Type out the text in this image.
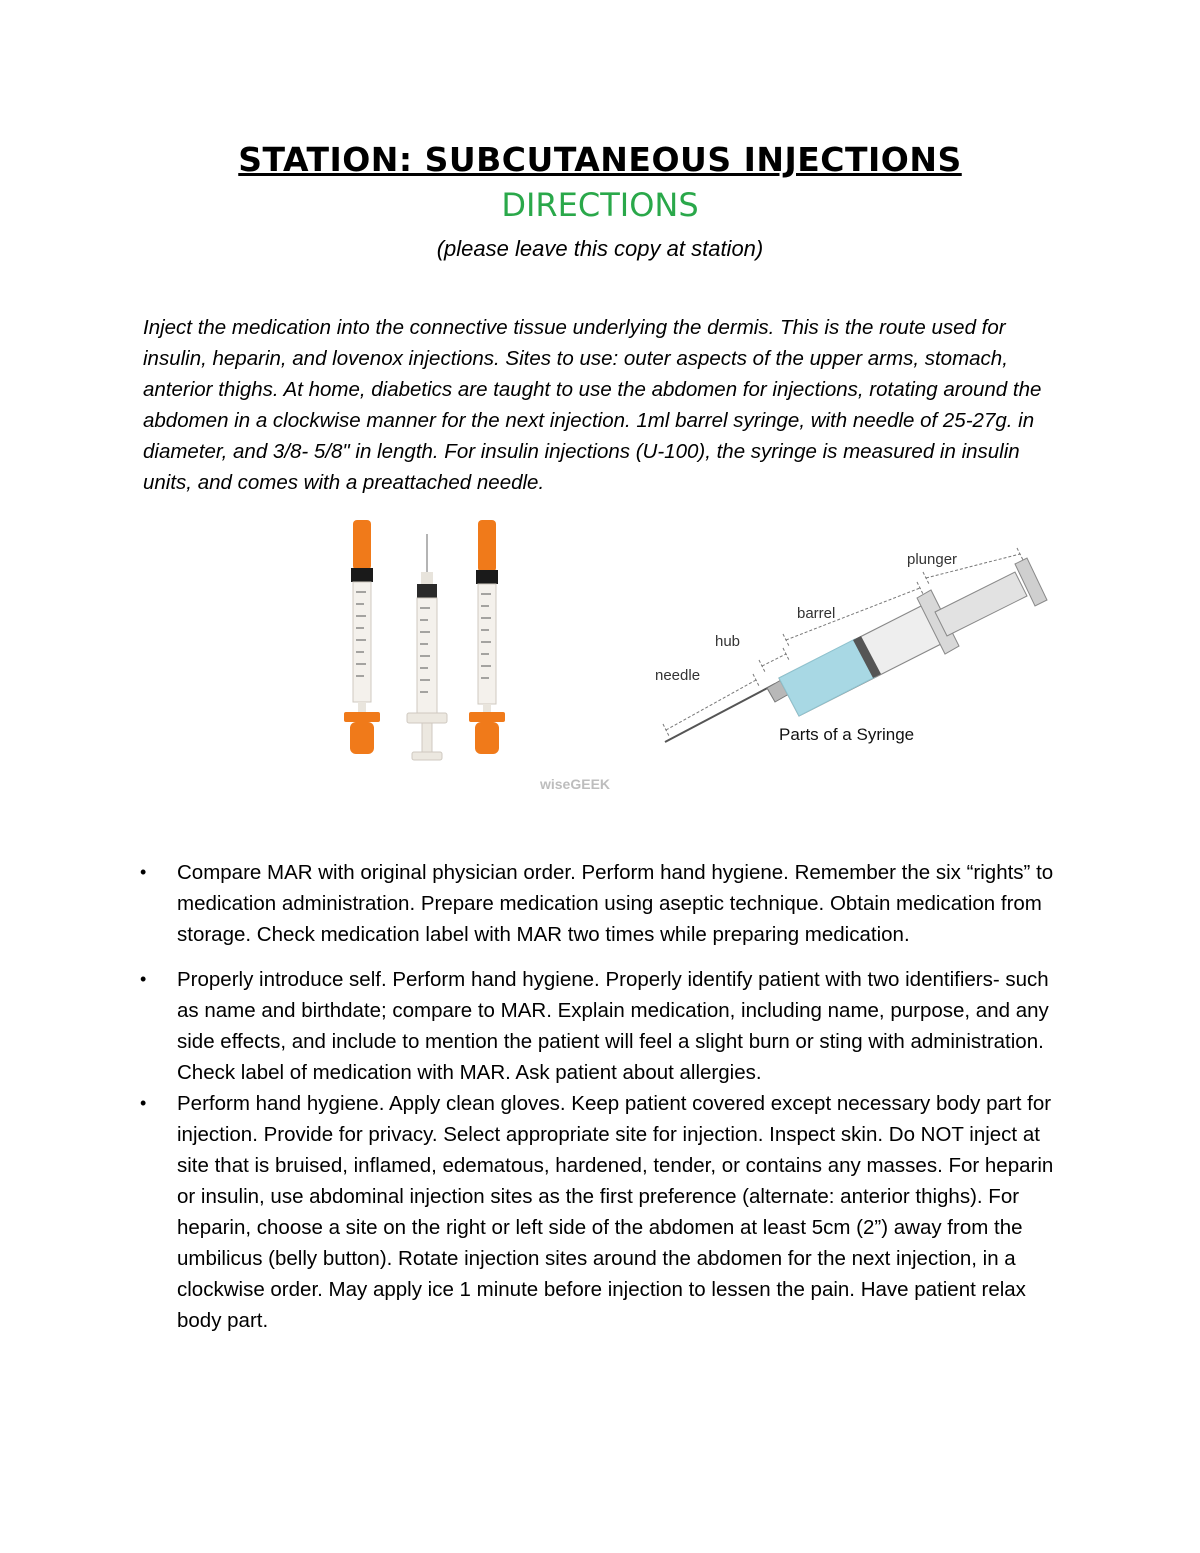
STATION: SUBCUTANEOUS INJECTIONS
DIRECTIONS
(please leave this copy at station)

Inject the medication into the connective tissue underlying the dermis. This is the route used for insulin, heparin, and lovenox injections. Sites to use: outer aspects of the upper arms, stomach, anterior thighs. At home, diabetics are taught to use the abdomen for injections, rotating around the abdomen in a clockwise manner for the next injection. 1ml barrel syringe, with needle of 25-27g. in diameter, and 3/8- 5/8" in length. For insulin injections (U-100), the syringe is measured in insulin units, and comes with a preattached needle.

wiseGEEK
needle
hub
barrel
plunger
Parts of a Syringe
• Compare MAR with original physician order. Perform hand hygiene. Remember the six “rights” to medication administration. Prepare medication using aseptic technique. Obtain medication from storage. Check medication label with MAR two times while preparing medication.
• Properly introduce self. Perform hand hygiene. Properly identify patient with two identifiers- such as name and birthdate; compare to MAR. Explain medication, including name, purpose, and any side effects, and include to mention the patient will feel a slight burn or sting with administration. Check label of medication with MAR. Ask patient about allergies.
• Perform hand hygiene. Apply clean gloves. Keep patient covered except necessary body part for injection. Provide for privacy. Select appropriate site for injection. Inspect skin. Do NOT inject at site that is bruised, inflamed, edematous, hardened, tender, or contains any masses. For heparin or insulin, use abdominal injection sites as the first preference (alternate: anterior thighs). For heparin, choose a site on the right or left side of the abdomen at least 5cm (2”) away from the umbilicus (belly button). Rotate injection sites around the abdomen for the next injection, in a clockwise order. May apply ice 1 minute before injection to lessen the pain. Have patient relax body part.
